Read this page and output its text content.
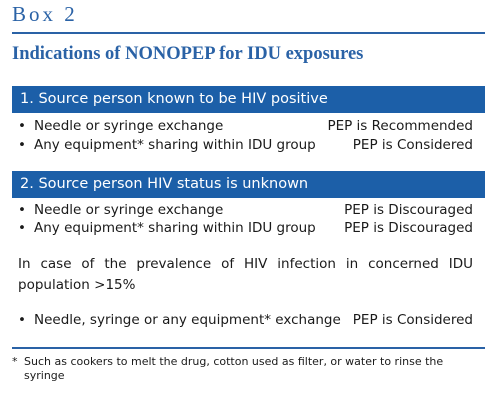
Box 2
Indications of NONOPEP for IDU exposures
1. Source person known to be HIV positive
• Needle or syringe exchange	PEP is Recommended
• Any equipment* sharing within IDU group	PEP is Considered
2. Source person HIV status is unknown
• Needle or syringe exchange	PEP is Discouraged
• Any equipment* sharing within IDU group PEP is Discouraged
In case of the prevalence of HIV infection in concerned IDU population >15%
• Needle, syringe or any equipment* exchange PEP is Considered
* Such as cookers to melt the drug, cotton used as filter, or water to rinse the syringe
